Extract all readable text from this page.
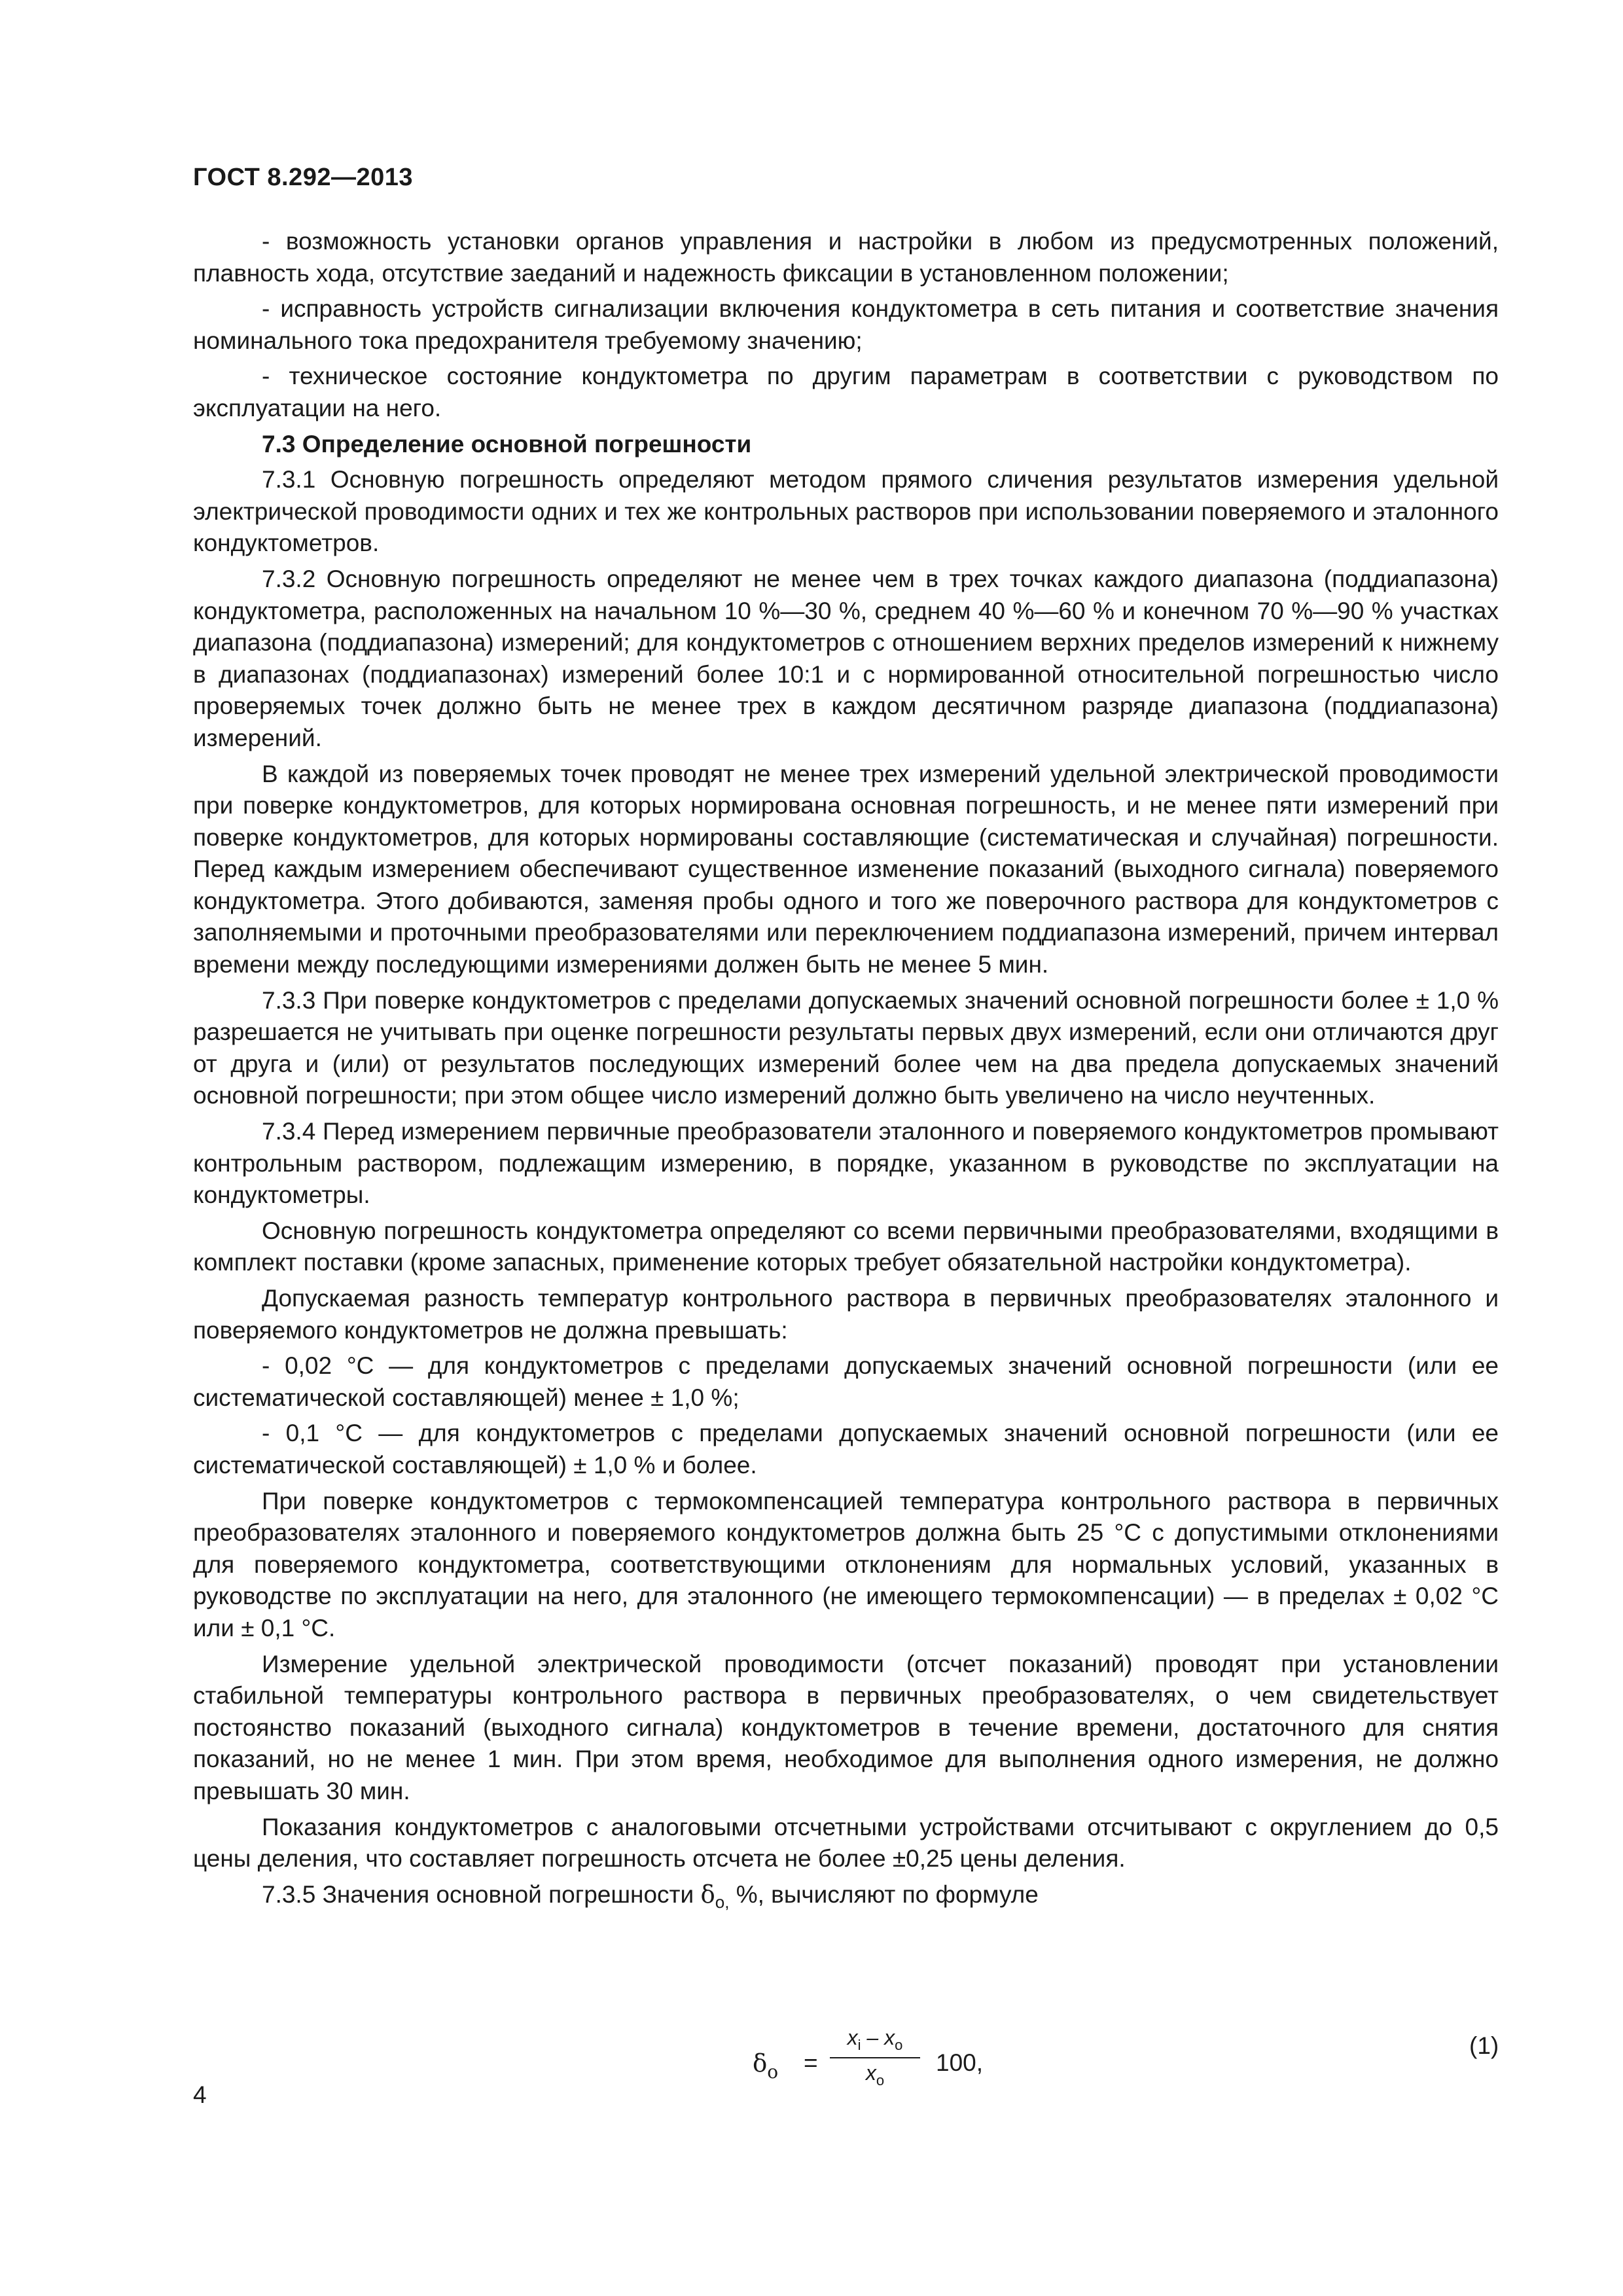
ГОСТ 8.292—2013

- возможность установки органов управления и настройки в любом из предусмотренных положений, плавность хода, отсутствие заеданий и надежность фиксации в установленном положении;

- исправность устройств сигнализации включения кондуктометра в сеть питания и соответствие значения номинального тока предохранителя требуемому значению;

- техническое состояние кондуктометра по другим параметрам в соответствии с руководством по эксплуатации на него.

7.3 Определение основной погрешности

7.3.1 Основную погрешность определяют методом прямого сличения результатов измерения удельной электрической проводимости одних и тех же контрольных растворов при использовании поверяемого и эталонного кондуктометров.

7.3.2 Основную погрешность определяют не менее чем в трех точках каждого диапазона (поддиапазона) кондуктометра, расположенных на начальном 10 %—30 %, среднем 40 %—60 % и конечном 70 %—90 % участках диапазона (поддиапазона) измерений; для кондуктометров с отношением верхних пределов измерений к нижнему в диапазонах (поддиапазонах) измерений более 10:1 и с нормированной относительной погрешностью число проверяемых точек должно быть не менее трех в каждом десятичном разряде диапазона (поддиапазона) измерений.

В каждой из поверяемых точек проводят не менее трех измерений удельной электрической проводимости при поверке кондуктометров, для которых нормирована основная погрешность, и не менее пяти измерений при поверке кондуктометров, для которых нормированы составляющие (систематическая и случайная) погрешности. Перед каждым измерением обеспечивают существенное изменение показаний (выходного сигнала) поверяемого кондуктометра. Этого добиваются, заменяя пробы одного и того же поверочного раствора для кондуктометров с заполняемыми и проточными преобразователями или переключением поддиапазона измерений, причем интервал времени между последующими измерениями должен быть не менее 5 мин.

7.3.3 При поверке кондуктометров с пределами допускаемых значений основной погрешности более ± 1,0 % разрешается не учитывать при оценке погрешности результаты первых двух измерений, если они отличаются друг от друга и (или) от результатов последующих измерений более чем на два предела допускаемых значений основной погрешности; при этом общее число измерений должно быть увеличено на число неучтенных.

7.3.4 Перед измерением первичные преобразователи эталонного и поверяемого кондуктометров промывают контрольным раствором, подлежащим измерению, в порядке, указанном в руководстве по эксплуатации на кондуктометры.

Основную погрешность кондуктометра определяют со всеми первичными преобразователями, входящими в комплект поставки (кроме запасных, применение которых требует обязательной настройки кондуктометра).

Допускаемая разность температур контрольного раствора в первичных преобразователях эталонного и поверяемого кондуктометров не должна превышать:

- 0,02 °С — для кондуктометров с пределами допускаемых значений основной погрешности (или ее систематической составляющей) менее ± 1,0 %;

- 0,1 °С — для кондуктометров с пределами допускаемых значений основной погрешности (или ее систематической составляющей) ± 1,0 % и более.

При поверке кондуктометров с термокомпенсацией температура контрольного раствора в первичных преобразователях эталонного и поверяемого кондуктометров должна быть 25 °С с допустимыми отклонениями для поверяемого кондуктометра, соответствующими отклонениям для нормальных условий, указанных в руководстве по эксплуатации на него, для эталонного (не имеющего термокомпенсации) — в пределах ± 0,02 °С или ± 0,1 °С.

Измерение удельной электрической проводимости (отсчет показаний) проводят при установлении стабильной температуры контрольного раствора в первичных преобразователях, о чем свидетельствует постоянство показаний (выходного сигнала) кондуктометров в течение времени, достаточного для снятия показаний, но не менее 1 мин. При этом время, необходимое для выполнения одного измерения, не должно превышать 30 мин.

Показания кондуктометров с аналоговыми отсчетными устройствами отсчитывают с округлением до 0,5 цены деления, что составляет погрешность отсчета не более ±0,25 цены деления.

7.3.5 Значения основной погрешности $\delta_{о,}$ %, вычисляют по формуле

$\delta_о$ =
$x_i - x_о$
$x_о$
100,
(1)
4
